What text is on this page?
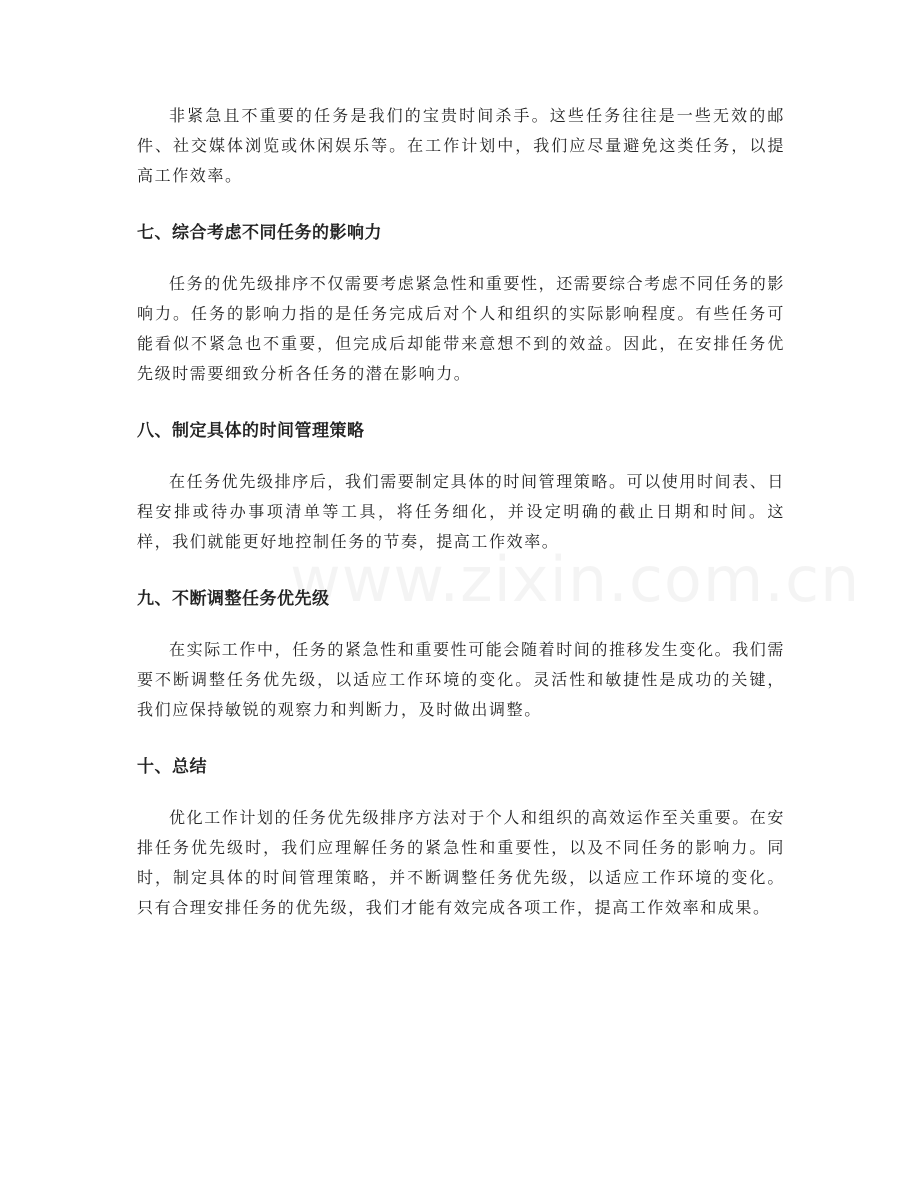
非紧急且不重要的任务是我们的宝贵时间杀手。这些任务往往是一些无效的邮件、社交媒体浏览或休闲娱乐等。在工作计划中，我们应尽量避免这类任务，以提高工作效率。

七、综合考虑不同任务的影响力

任务的优先级排序不仅需要考虑紧急性和重要性，还需要综合考虑不同任务的影响力。任务的影响力指的是任务完成后对个人和组织的实际影响程度。有些任务可能看似不紧急也不重要，但完成后却能带来意想不到的效益。因此，在安排任务优先级时需要细致分析各任务的潜在影响力。

八、制定具体的时间管理策略

在任务优先级排序后，我们需要制定具体的时间管理策略。可以使用时间表、日程安排或待办事项清单等工具，将任务细化，并设定明确的截止日期和时间。这样，我们就能更好地控制任务的节奏，提高工作效率。

九、不断调整任务优先级

在实际工作中，任务的紧急性和重要性可能会随着时间的推移发生变化。我们需要不断调整任务优先级，以适应工作环境的变化。灵活性和敏捷性是成功的关键，我们应保持敏锐的观察力和判断力，及时做出调整。

十、总结

优化工作计划的任务优先级排序方法对于个人和组织的高效运作至关重要。在安排任务优先级时，我们应理解任务的紧急性和重要性，以及不同任务的影响力。同时，制定具体的时间管理策略，并不断调整任务优先级，以适应工作环境的变化。只有合理安排任务的优先级，我们才能有效完成各项工作，提高工作效率和成果。
